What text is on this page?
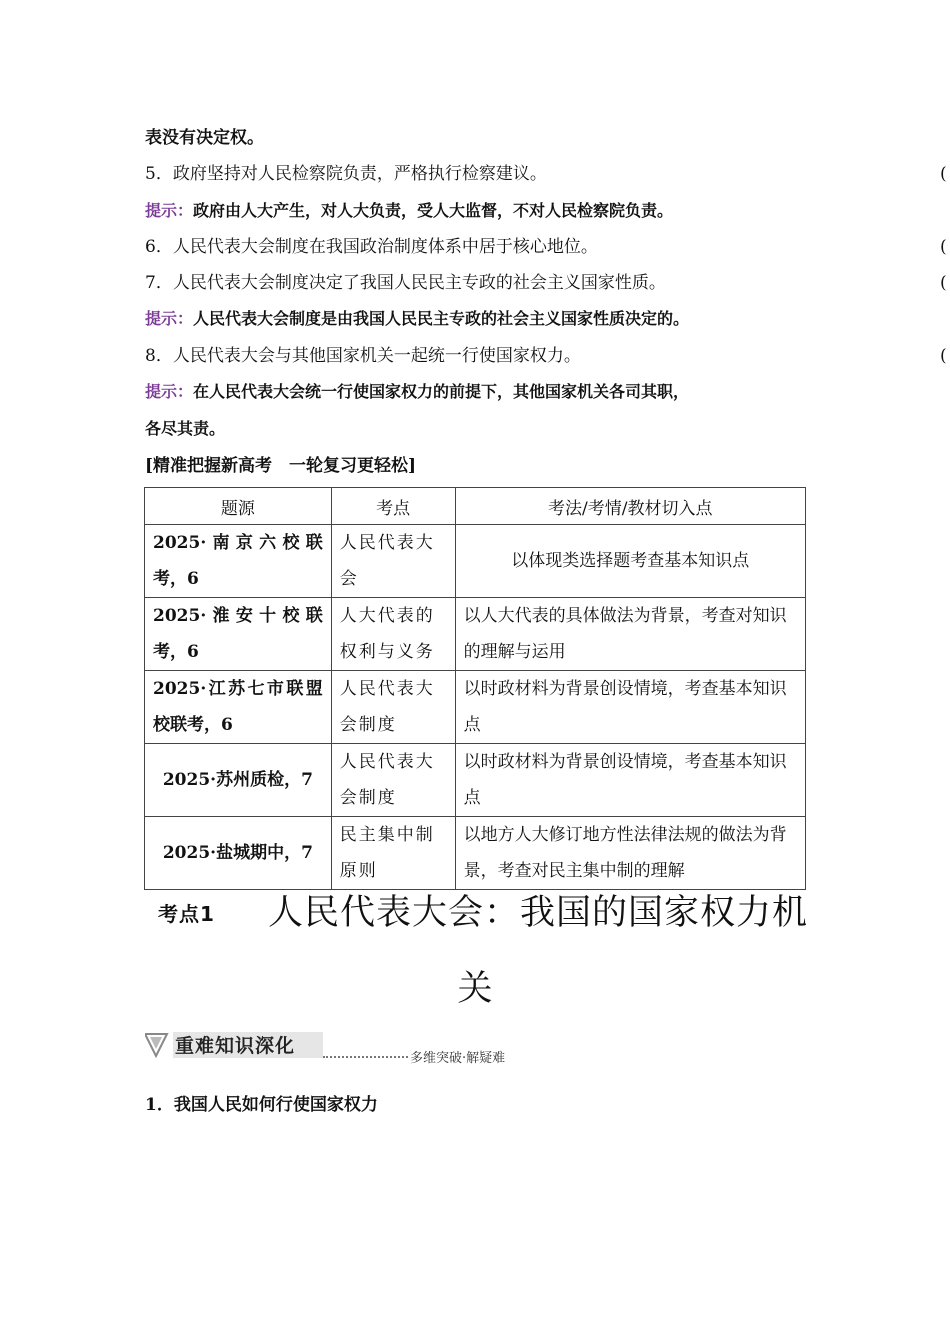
表没有决定权。
5．政府坚持对人民检察院负责，严格执行检察建议。	(
提示：政府由人大产生，对人大负责，受人大监督，不对人民检察院负责。
6．人民代表大会制度在我国政治制度体系中居于核心地位。	(
7．人民代表大会制度决定了我国人民民主专政的社会主义国家性质。	(
提示：人民代表大会制度是由我国人民民主专政的社会主义国家性质决定的。
8．人民代表大会与其他国家机关一起统一行使国家权力。	(
提示：在人民代表大会统一行使国家权力的前提下，其他国家机关各司其职，
各尽其责。
[精准把握新高考　一轮复习更轻松]
题源	考点	考法/考情/教材切入点
2025·南京六校联考，6	人民代表大会	以体现类选择题考查基本知识点
2025·淮安十校联考，6	人大代表的权利与义务	以人大代表的具体做法为背景，考查对知识的理解与运用
2025·江苏七市联盟校联考，6	人民代表大会制度	以时政材料为背景创设情境，考查基本知识点
2025·苏州质检，7	人民代表大会制度	以时政材料为背景创设情境，考查基本知识点
2025·盐城期中，7	民主集中制原则	以地方人大修订地方性法律法规的做法为背景，考查对民主集中制的理解
考点1 人民代表大会：我国的国家权力机
关
重难知识深化
多维突破·解疑难
1．我国人民如何行使国家权力
